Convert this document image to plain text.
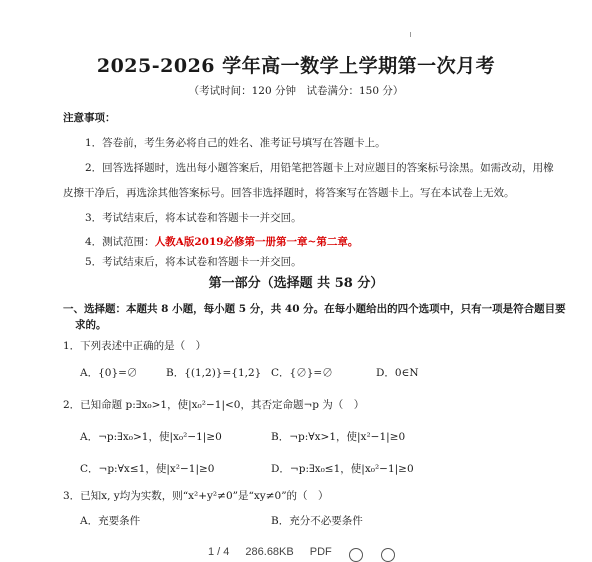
2025-2026 学年高一数学上学期第一次月考
（考试时间：120 分钟　试卷满分：150 分）
注意事项：
1．答卷前，考生务必将自己的姓名、准考证号填写在答题卡上。
2．回答选择题时，选出每小题答案后，用铅笔把答题卡上对应题目的答案标号涂黑。如需改动，用橡
皮擦干净后，再选涂其他答案标号。回答非选择题时，将答案写在答题卡上。写在本试卷上无效。
3．考试结束后，将本试卷和答题卡一并交回。
4．测试范围：人教A版2019必修第一册第一章~第二章。
5．考试结束后，将本试卷和答题卡一并交回。
第一部分（选择题 共 58 分）
一、选择题：本题共 8 小题，每小题 5 分，共 40 分。在每小题给出的四个选项中，只有一项是符合题目要
求的。
1．下列表述中正确的是（　）
A．{0}=∅	B．{(1,2)}={1,2} C．{∅}=∅	D．0∈N
2．已知命题 p:∃x₀>1，使|x₀²−1|<0，其否定命题¬p 为（　）
A．¬p:∃x₀>1，使|x₀²−1|≥0	B．¬p:∀x>1，使|x²−1|≥0
C．¬p:∀x≤1，使|x²−1|≥0	D．¬p:∃x₀≤1，使|x₀²−1|≥0
3．已知x, y均为实数，则“x²+y²≠0”是“xy≠0”的（　）
A．充要条件	B．充分不必要条件
1 / 4	286.68KB	PDF
